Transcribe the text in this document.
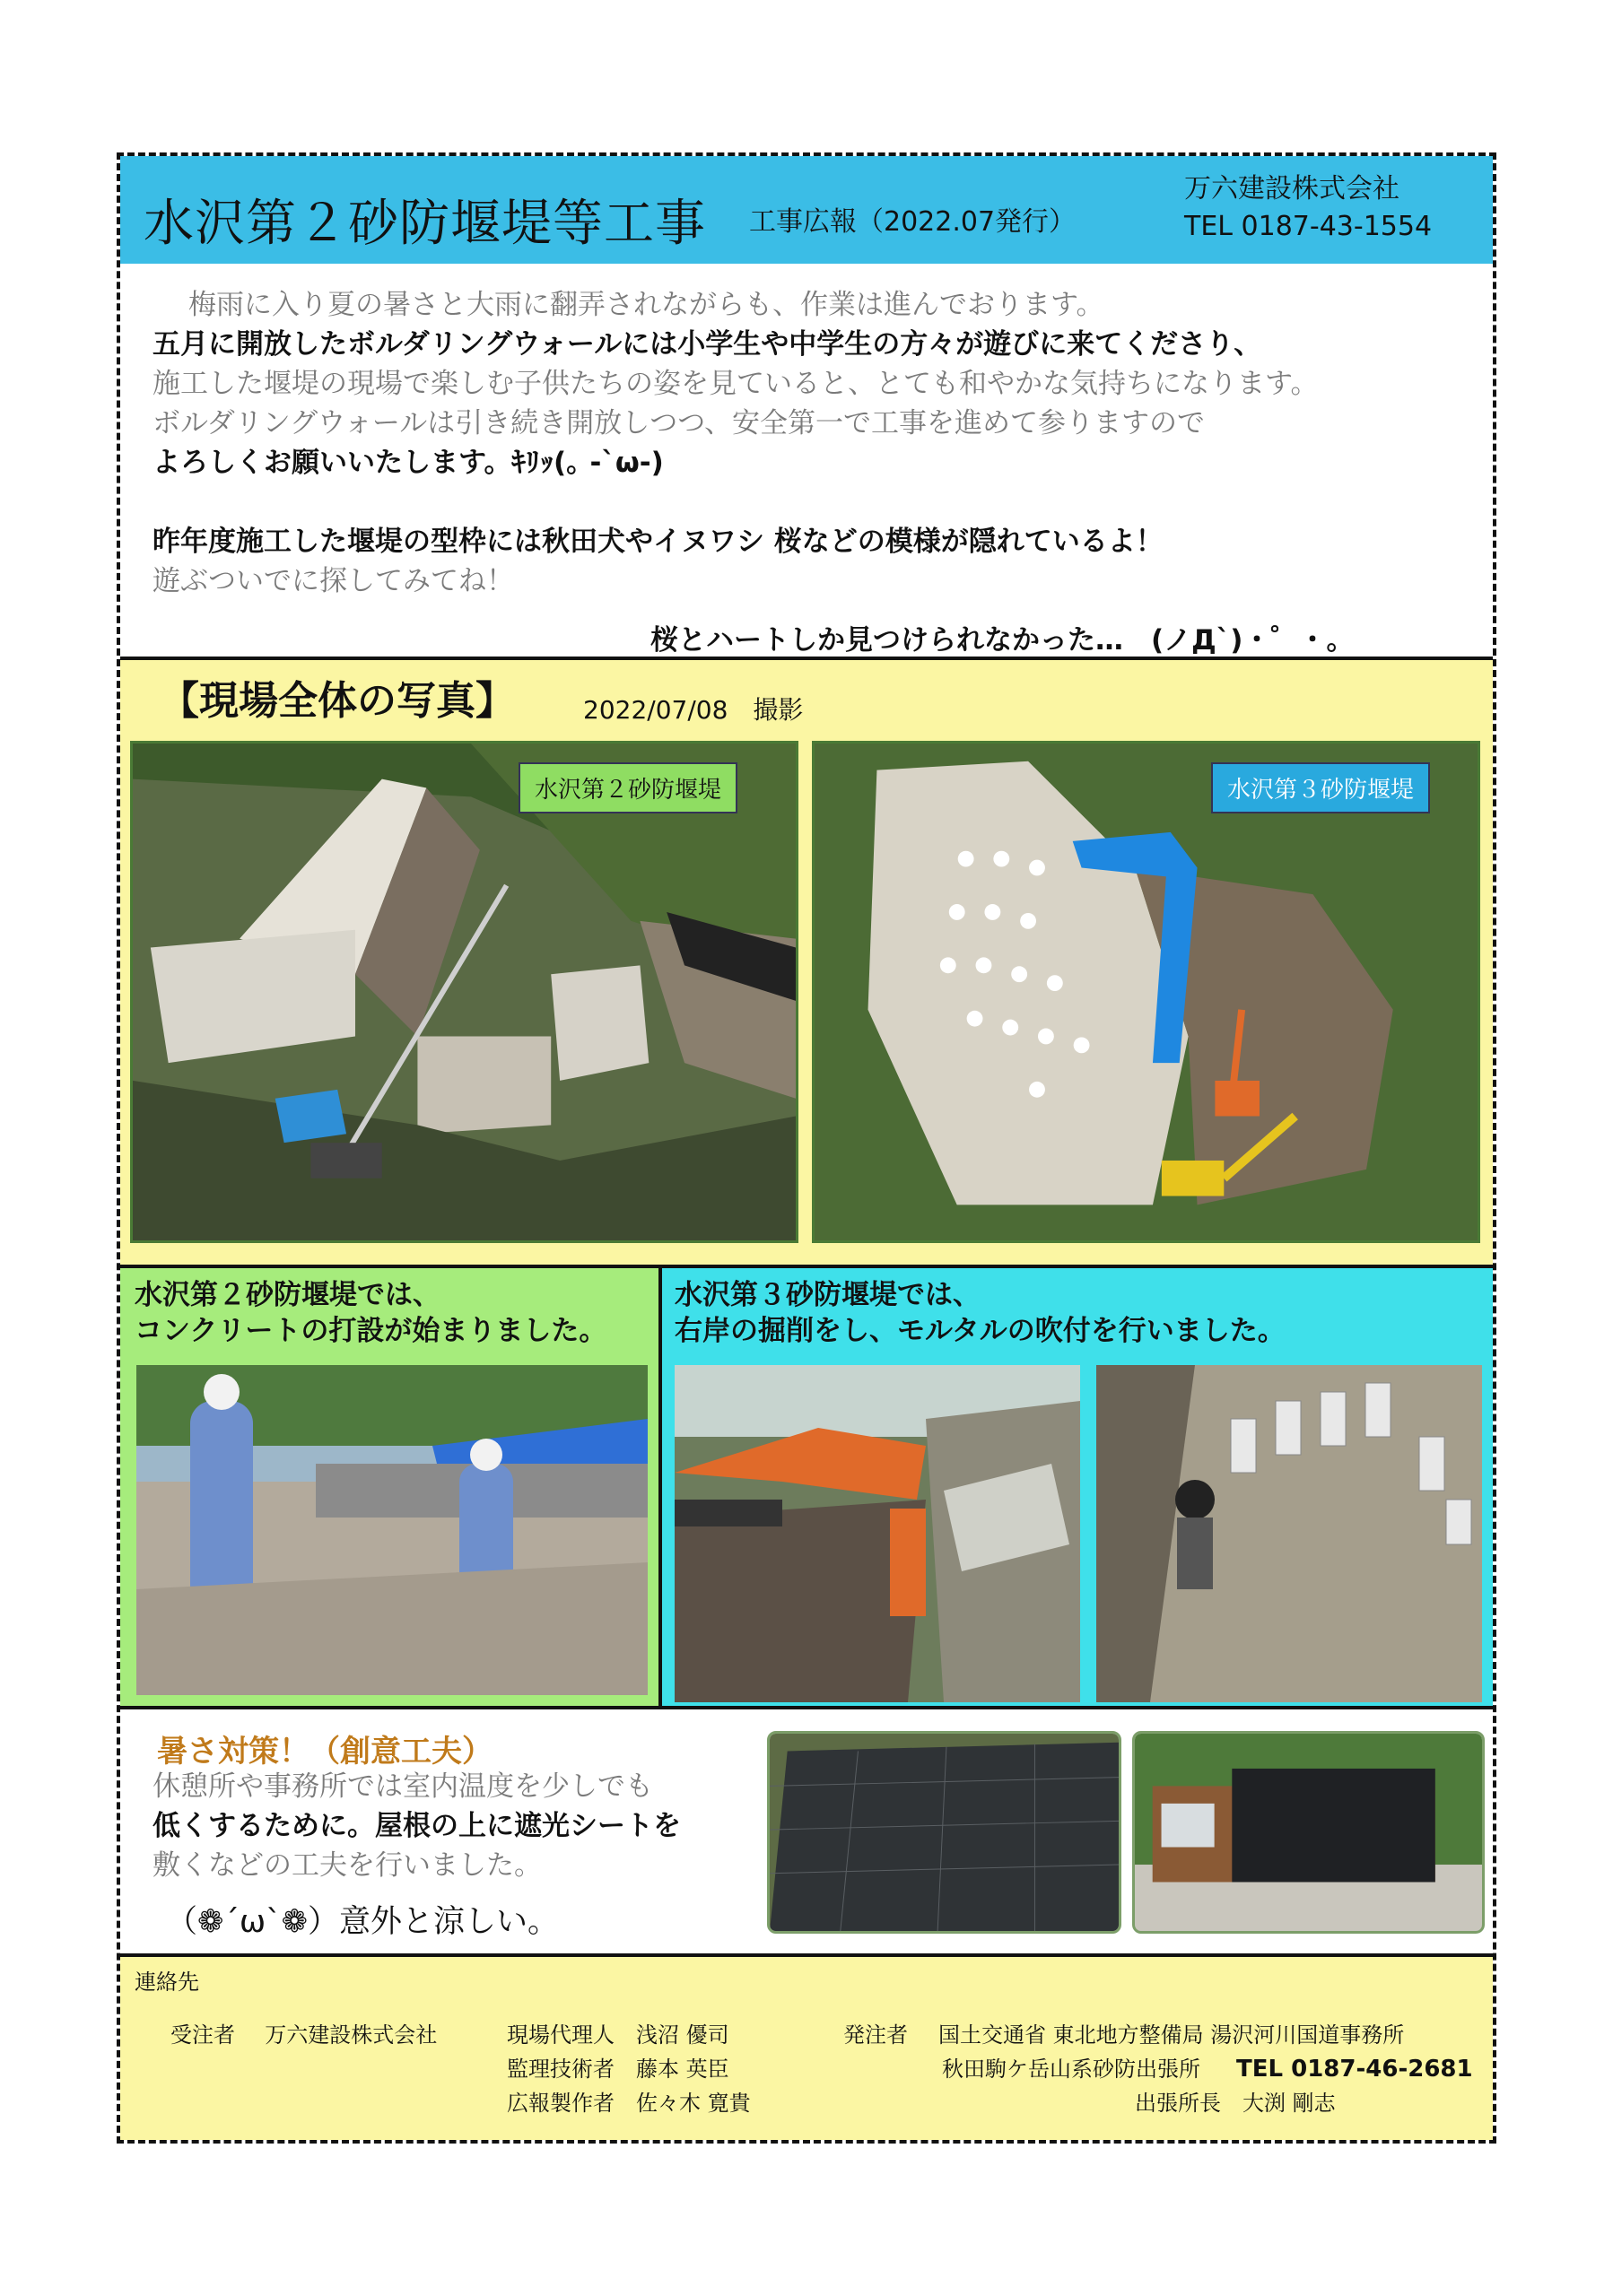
水沢第２砂防堰堤等工事 工事広報（2022.07発行）
万六建設株式会社
TEL 0187-43-1554

梅雨に入り夏の暑さと大雨に翻弄されながらも、作業は進んでおります。

五月に開放したボルダリングウォールには小学生や中学生の方々が遊びに来てくださり、

施工した堰堤の現場で楽しむ子供たちの姿を見ていると、とても和やかな気持ちになります。

ボルダリングウォールは引き続き開放しつつ、安全第一で工事を進めて参りますので

よろしくお願いいたします。ｷﾘｯ(｡ -`ω-)

昨年度施工した堰堤の型枠には秋田犬やイヌワシ 桜などの模様が隠れているよ！

遊ぶついでに探してみてね！

桜とハートしか見つけられなかった…　(ノД`)・゜・。
【現場全体の写真】	2022/07/08　撮影
水沢第２砂防堰堤	水沢第３砂防堰堤
水沢第２砂防堰堤では、
コンクリートの打設が始まりました。
水沢第３砂防堰堤では、
右岸の掘削をし、モルタルの吹付を行いました。
暑さ対策！（創意工夫）

休憩所や事務所では室内温度を少しでも

低くするために。屋根の上に遮光シートを

敷くなどの工夫を行いました。

（❁´ω`❁）意外と涼しい。
連絡先
受注者 万六建設株式会社	現場代理人　 浅沼 優司
監理技術者　 藤本 英臣
広報製作者　 佐々木 寛貴
発注者 国土交通省 東北地方整備局 湯沢河川国道事務所
秋田駒ケ岳山系砂防出張所 TEL 0187-46-2681
出張所長　大渕 剛志
